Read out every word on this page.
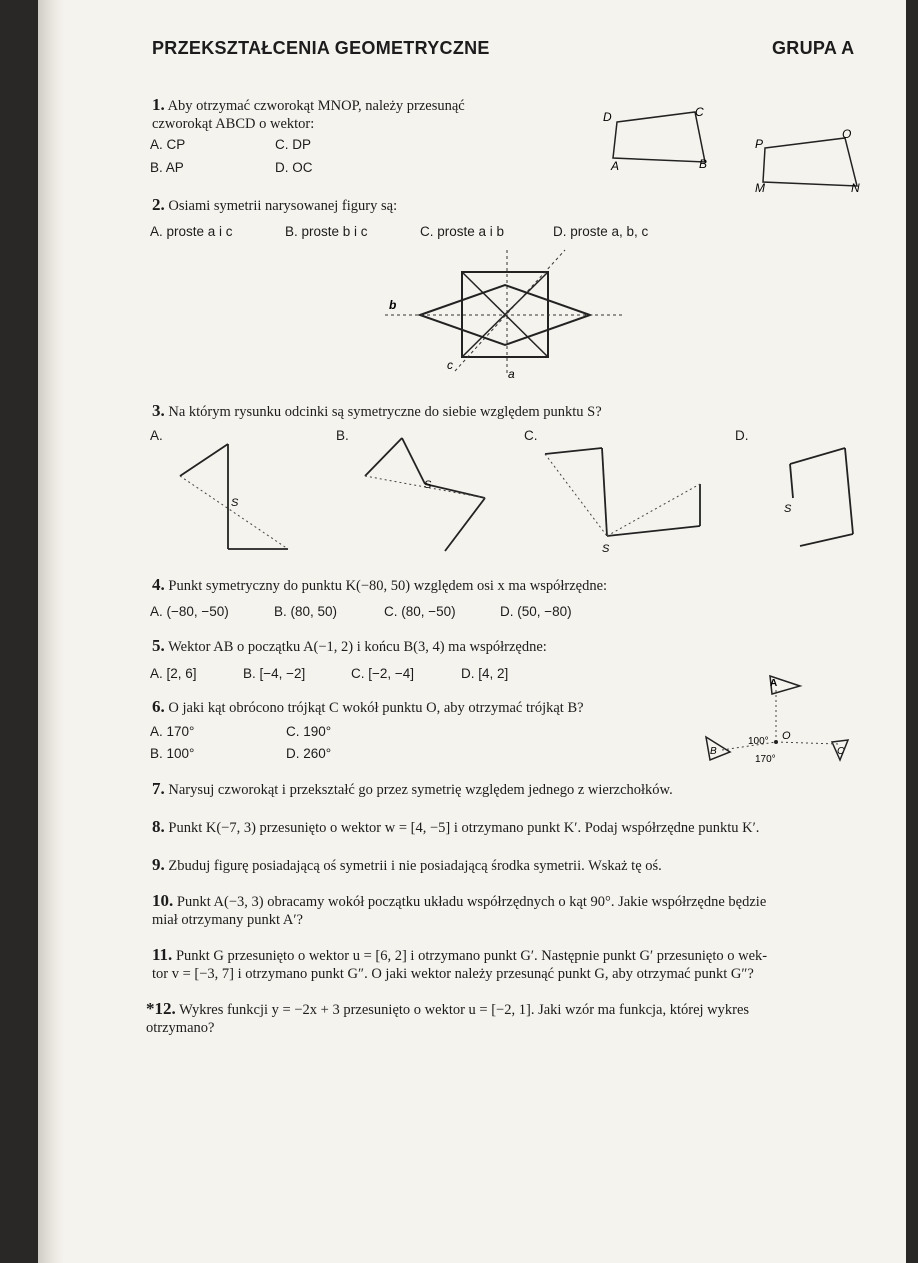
PRZEKSZTAŁCENIA GEOMETRYCZNE	GRUPA A
1. Aby otrzymać czworokąt MNOP, należy przesunąć
czworokąt ABCD o wektor:
A. CP	C. DP
B. AP	D. OC
D	C
A	B
P
O
M	N
2. Osiami symetrii narysowanej figury są:
A. proste a i c	B. proste b i c	C. proste a i b	D. proste a, b, c
b
c
a
3. Na którym rysunku odcinki są symetryczne do siebie względem punktu S?
A.	B.	C.	D.
S
S
S
S
4. Punkt symetryczny do punktu K(−80, 50) względem osi x ma współrzędne:
A. (−80, −50)	B. (80, 50)	C. (80, −50)	D. (50, −80)
5. Wektor AB o początku A(−1, 2) i końcu B(3, 4) ma współrzędne:
A. [2, 6]	B. [−4, −2]	C. [−2, −4]	D. [4, 2]
6. O jaki kąt obrócono trójkąt C wokół punktu O, aby otrzymać trójkąt B?
A. 170°	C. 190°
B. 100°	D. 260°
A
B	C
O
100°
170°
7. Narysuj czworokąt i przekształć go przez symetrię względem jednego z wierzchołków.
8. Punkt K(−7, 3) przesunięto o wektor w = [4, −5] i otrzymano punkt K′. Podaj współrzędne punktu K′.
9. Zbuduj figurę posiadającą oś symetrii i nie posiadającą środka symetrii. Wskaż tę oś.
10. Punkt A(−3, 3) obracamy wokół początku układu współrzędnych o kąt 90°. Jakie współrzędne będzie
miał otrzymany punkt A′?
11. Punkt G przesunięto o wektor u = [6, 2] i otrzymano punkt G′. Następnie punkt G′ przesunięto o wek-
tor v = [−3, 7] i otrzymano punkt G″. O jaki wektor należy przesunąć punkt G, aby otrzymać punkt G″?
*12. Wykres funkcji y = −2x + 3 przesunięto o wektor u = [−2, 1]. Jaki wzór ma funkcja, której wykres
otrzymano?
